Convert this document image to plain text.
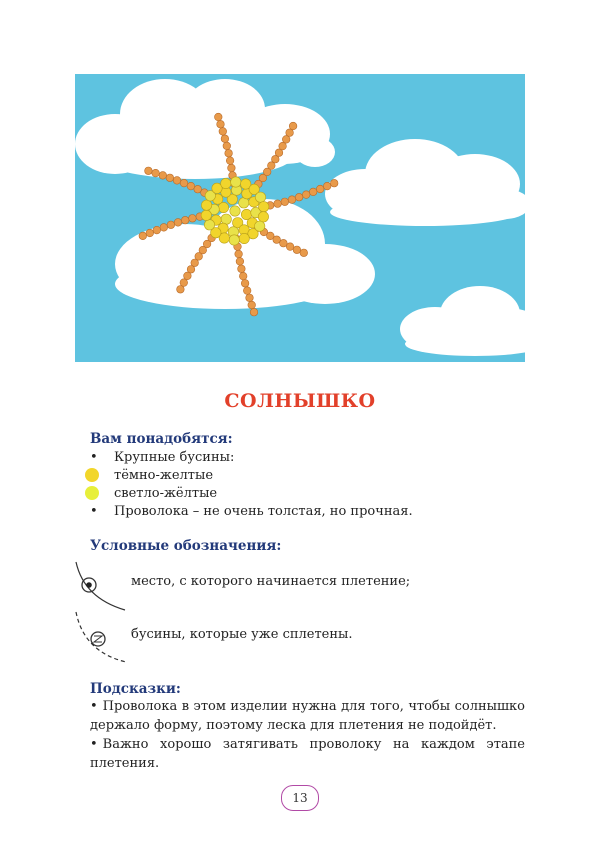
СОЛНЫШКО
Вам понадобятся:
• Крупные бусины:
тёмно-желтые
светло-жёлтые
• Проволока – не очень толстая, но прочная.
Условные обозначения:
место, с которого начинается плетение;
бусины, которые уже сплетены.
Подсказки:
• Проволока в этом изделии нужна для того, чтобы солнышко держало форму, поэтому леска для плетения не подойдёт.
• Важно хорошо затягивать проволоку на каждом этапе плетения.
13
